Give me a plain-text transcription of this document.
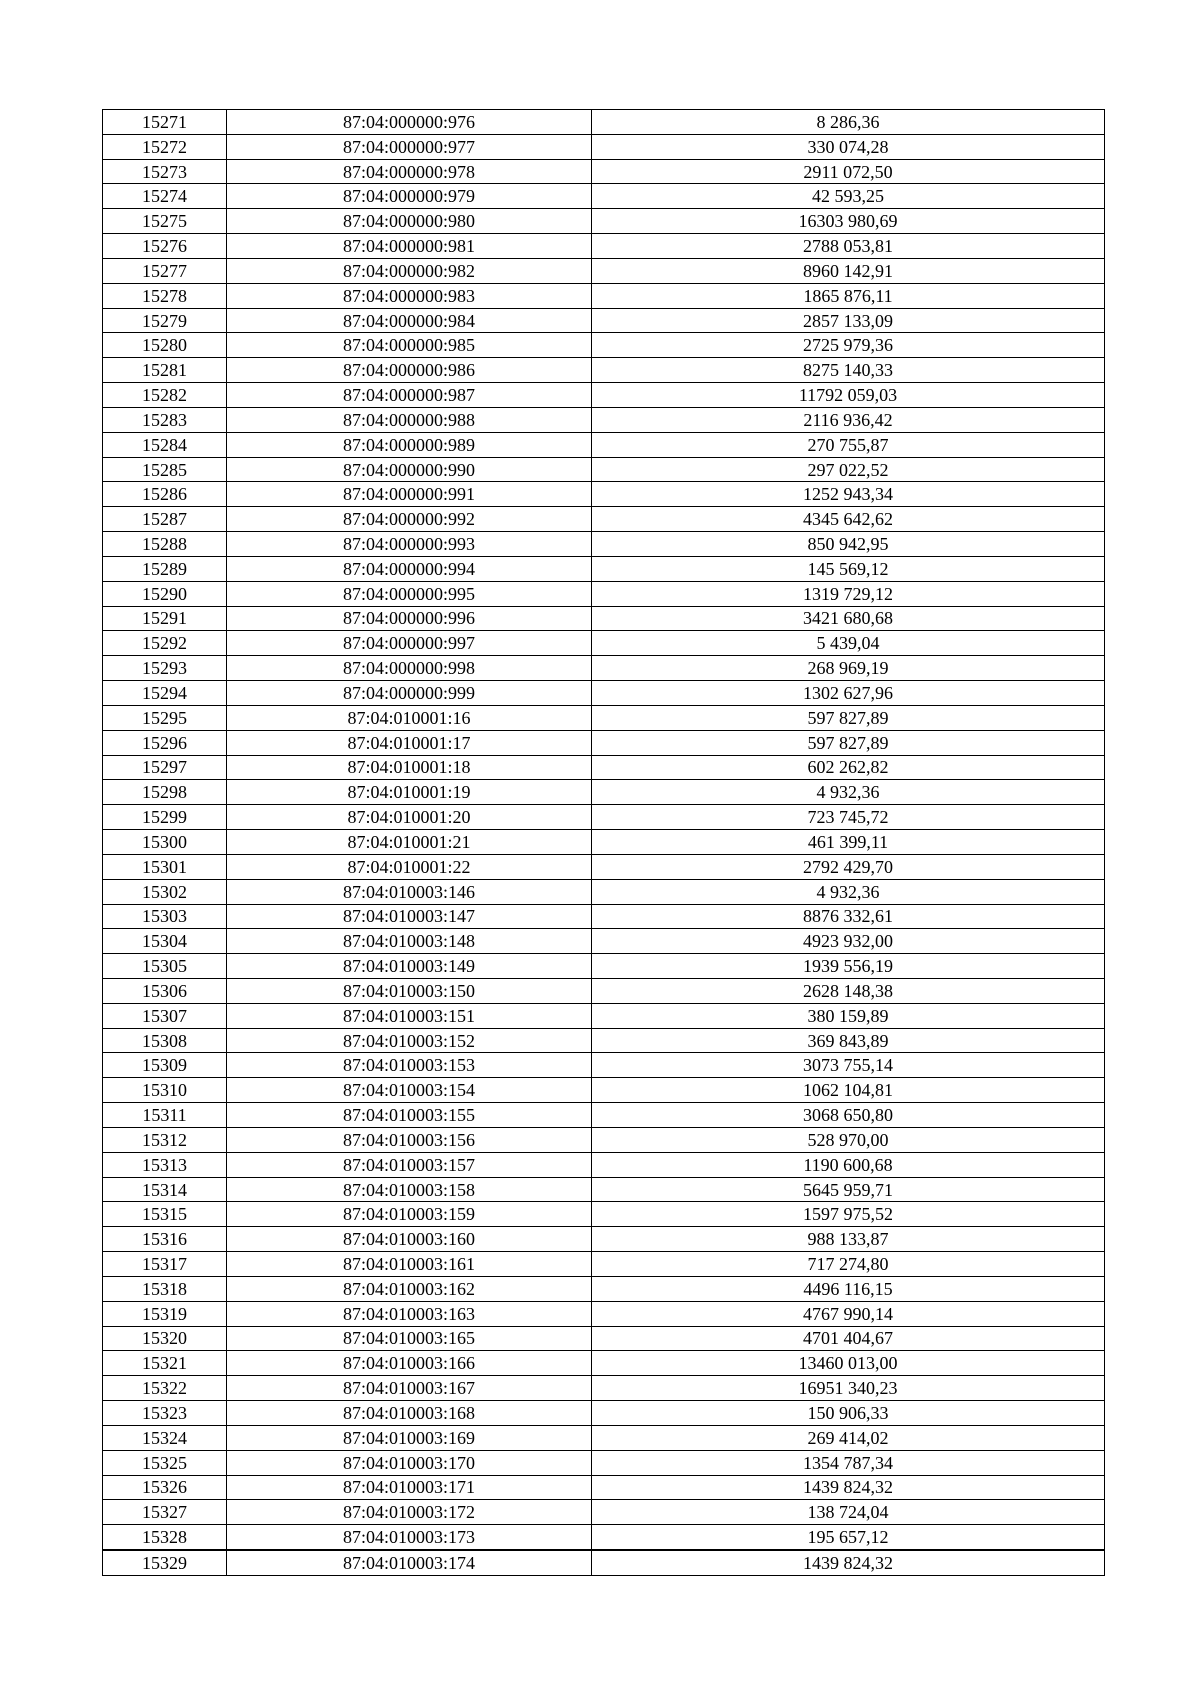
15271	87:04:000000:976	8 286,36
15272	87:04:000000:977	330 074,28
15273	87:04:000000:978	2911 072,50
15274	87:04:000000:979	42 593,25
15275	87:04:000000:980	16303 980,69
15276	87:04:000000:981	2788 053,81
15277	87:04:000000:982	8960 142,91
15278	87:04:000000:983	1865 876,11
15279	87:04:000000:984	2857 133,09
15280	87:04:000000:985	2725 979,36
15281	87:04:000000:986	8275 140,33
15282	87:04:000000:987	11792 059,03
15283	87:04:000000:988	2116 936,42
15284	87:04:000000:989	270 755,87
15285	87:04:000000:990	297 022,52
15286	87:04:000000:991	1252 943,34
15287	87:04:000000:992	4345 642,62
15288	87:04:000000:993	850 942,95
15289	87:04:000000:994	145 569,12
15290	87:04:000000:995	1319 729,12
15291	87:04:000000:996	3421 680,68
15292	87:04:000000:997	5 439,04
15293	87:04:000000:998	268 969,19
15294	87:04:000000:999	1302 627,96
15295	87:04:010001:16	597 827,89
15296	87:04:010001:17	597 827,89
15297	87:04:010001:18	602 262,82
15298	87:04:010001:19	4 932,36
15299	87:04:010001:20	723 745,72
15300	87:04:010001:21	461 399,11
15301	87:04:010001:22	2792 429,70
15302	87:04:010003:146	4 932,36
15303	87:04:010003:147	8876 332,61
15304	87:04:010003:148	4923 932,00
15305	87:04:010003:149	1939 556,19
15306	87:04:010003:150	2628 148,38
15307	87:04:010003:151	380 159,89
15308	87:04:010003:152	369 843,89
15309	87:04:010003:153	3073 755,14
15310	87:04:010003:154	1062 104,81
15311	87:04:010003:155	3068 650,80
15312	87:04:010003:156	528 970,00
15313	87:04:010003:157	1190 600,68
15314	87:04:010003:158	5645 959,71
15315	87:04:010003:159	1597 975,52
15316	87:04:010003:160	988 133,87
15317	87:04:010003:161	717 274,80
15318	87:04:010003:162	4496 116,15
15319	87:04:010003:163	4767 990,14
15320	87:04:010003:165	4701 404,67
15321	87:04:010003:166	13460 013,00
15322	87:04:010003:167	16951 340,23
15323	87:04:010003:168	150 906,33
15324	87:04:010003:169	269 414,02
15325	87:04:010003:170	1354 787,34
15326	87:04:010003:171	1439 824,32
15327	87:04:010003:172	138 724,04
15328	87:04:010003:173	195 657,12
15329	87:04:010003:174	1439 824,32
